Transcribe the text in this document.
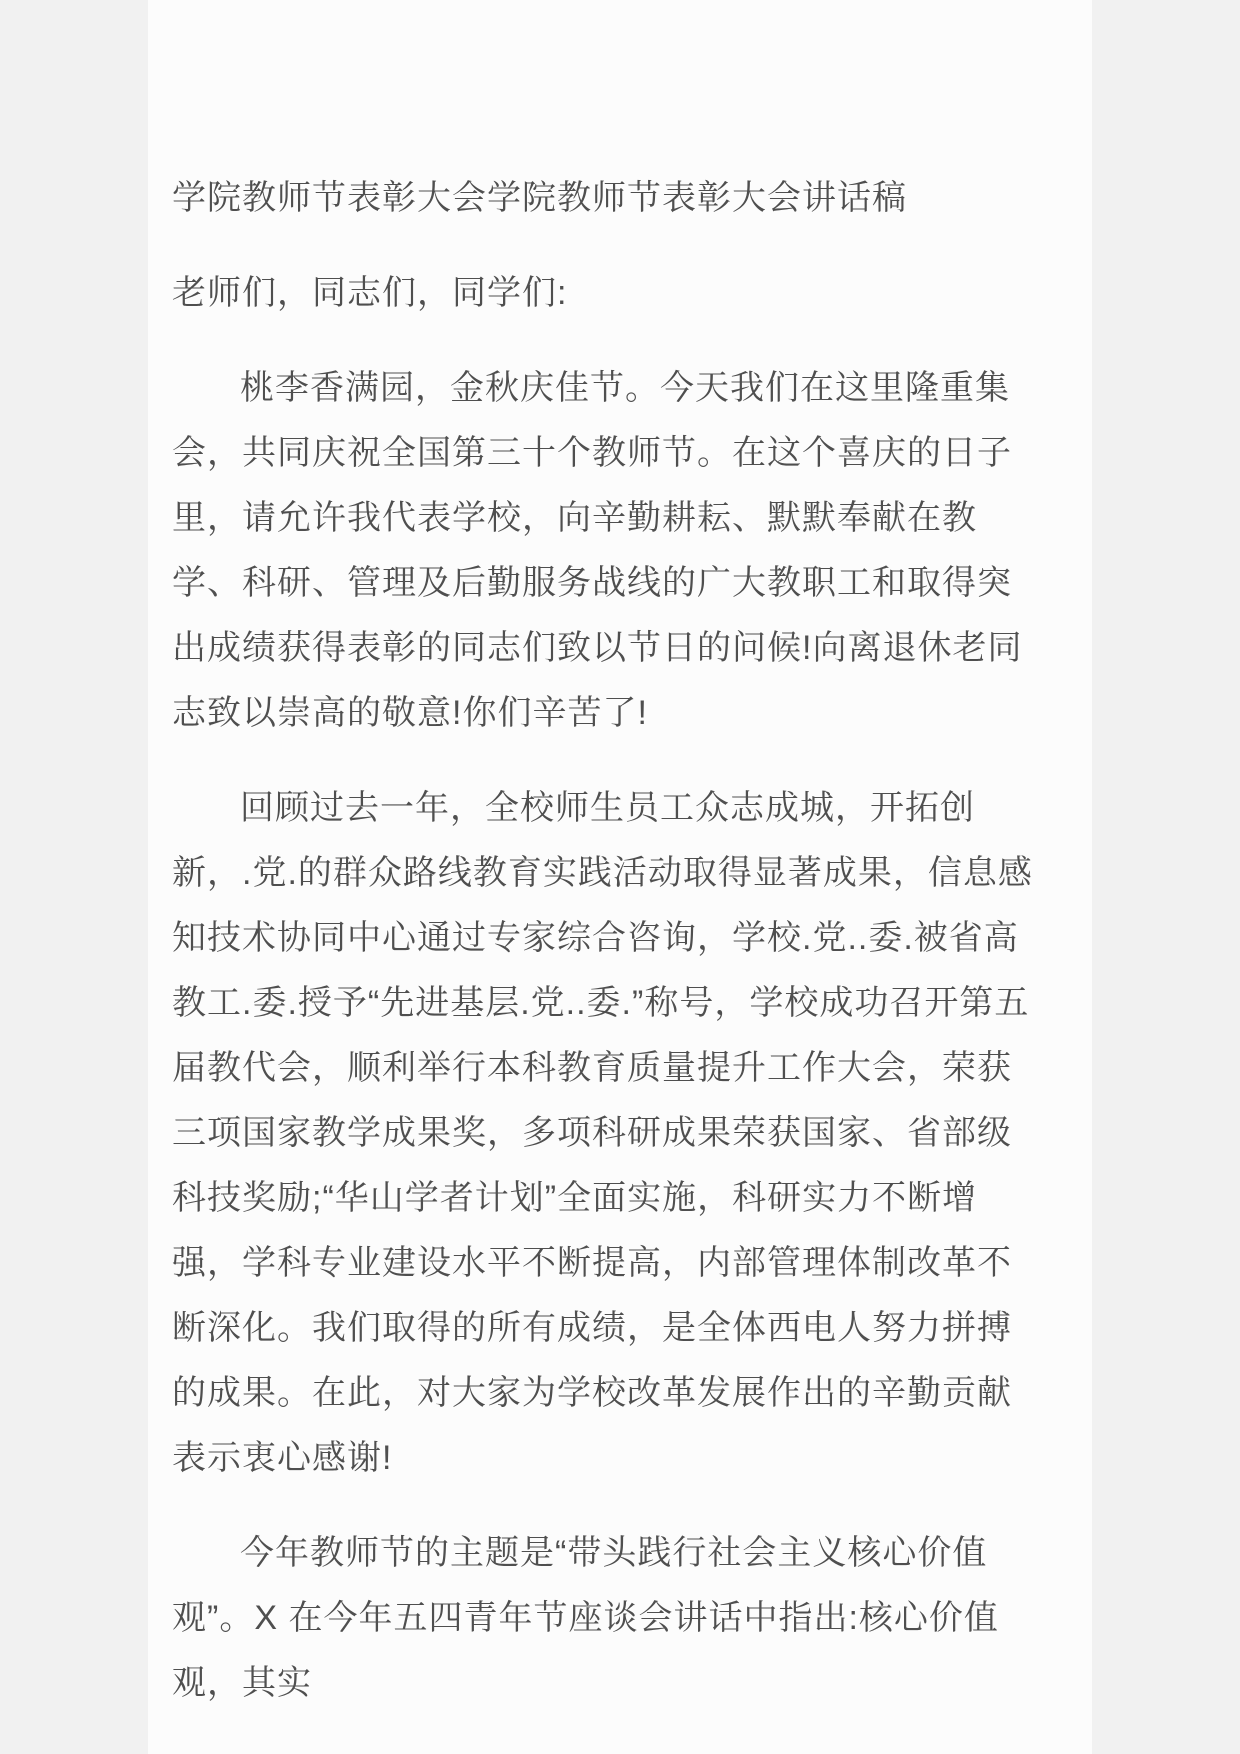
学院教师节表彰大会学院教师节表彰大会讲话稿
老师们，同志们，同学们:

桃李香满园，金秋庆佳节。今天我们在这里隆重集会，共同庆祝全国第三十个教师节。在这个喜庆的日子里，请允许我代表学校，向辛勤耕耘、默默奉献在教学、科研、管理及后勤服务战线的广大教职工和取得突出成绩获得表彰的同志们致以节日的问候!向离退休老同志致以崇高的敬意!你们辛苦了!

回顾过去一年，全校师生员工众志成城，开拓创新，.党.的群众路线教育实践活动取得显著成果，信息感知技术协同中心通过专家综合咨询，学校.党..委.被省高教工.委.授予“先进基层.党..委.”称号，学校成功召开第五届教代会，顺利举行本科教育质量提升工作大会，荣获三项国家教学成果奖，多项科研成果荣获国家、省部级科技奖励;“华山学者计划”全面实施，科研实力不断增强，学科专业建设水平不断提高，内部管理体制改革不断深化。我们取得的所有成绩，是全体西电人努力拼搏的成果。在此，对大家为学校改革发展作出的辛勤贡献表示衷心感谢!

今年教师节的主题是“带头践行社会主义核心价值观”。X 在今年五四青年节座谈会讲话中指出:核心价值观，其实
